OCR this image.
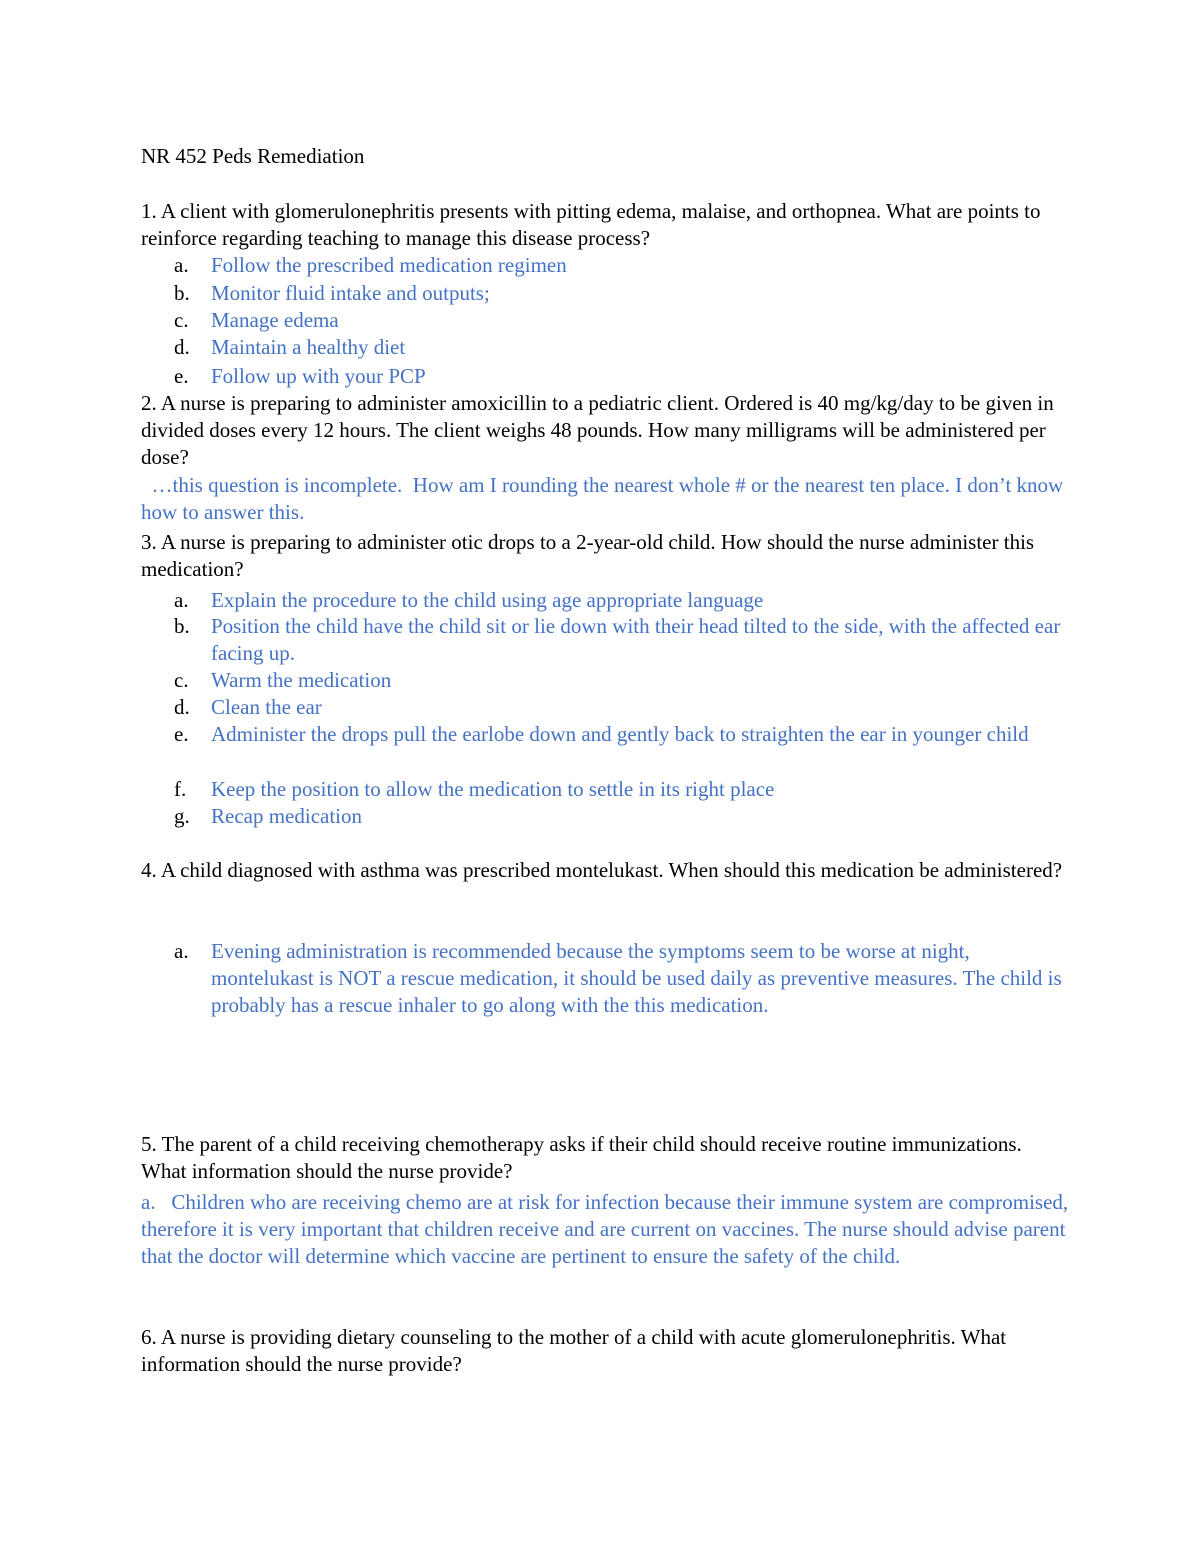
NR 452 Peds Remediation
1. A client with glomerulonephritis presents with pitting edema, malaise, and orthopnea. What are points to reinforce regarding teaching to manage this disease process?
a.	Follow the prescribed medication regimen
b.	Monitor fluid intake and outputs;
c.	Manage edema
d.	Maintain a healthy diet
e.	Follow up with your PCP
2. A nurse is preparing to administer amoxicillin to a pediatric client. Ordered is 40 mg/kg/day to be given in divided doses every 12 hours. The client weighs 48 pounds. How many milligrams will be administered per dose?
…this question is incomplete.  How am I rounding the nearest whole # or the nearest ten place. I don’t know how to answer this.
3. A nurse is preparing to administer otic drops to a 2-year-old child. How should the nurse administer this medication?
a.	Explain the procedure to the child using age appropriate language
b.	Position the child have the child sit or lie down with their head tilted to the side, with the affected ear facing up.
c.	Warm the medication
d.	Clean the ear
e.	Administer the drops pull the earlobe down and gently back to straighten the ear in younger child
f.	Keep the position to allow the medication to settle in its right place
g.	Recap medication
4. A child diagnosed with asthma was prescribed montelukast. When should this medication be administered?
a.	Evening administration is recommended because the symptoms seem to be worse at night, montelukast is NOT a rescue medication, it should be used daily as preventive measures. The child is probably has a rescue inhaler to go along with the this medication.
5. The parent of a child receiving chemotherapy asks if their child should receive routine immunizations. What information should the nurse provide?
a.   Children who are receiving chemo are at risk for infection because their immune system are compromised, therefore it is very important that children receive and are current on vaccines. The nurse should advise parent that the doctor will determine which vaccine are pertinent to ensure the safety of the child.
6. A nurse is providing dietary counseling to the mother of a child with acute glomerulonephritis. What information should the nurse provide?
